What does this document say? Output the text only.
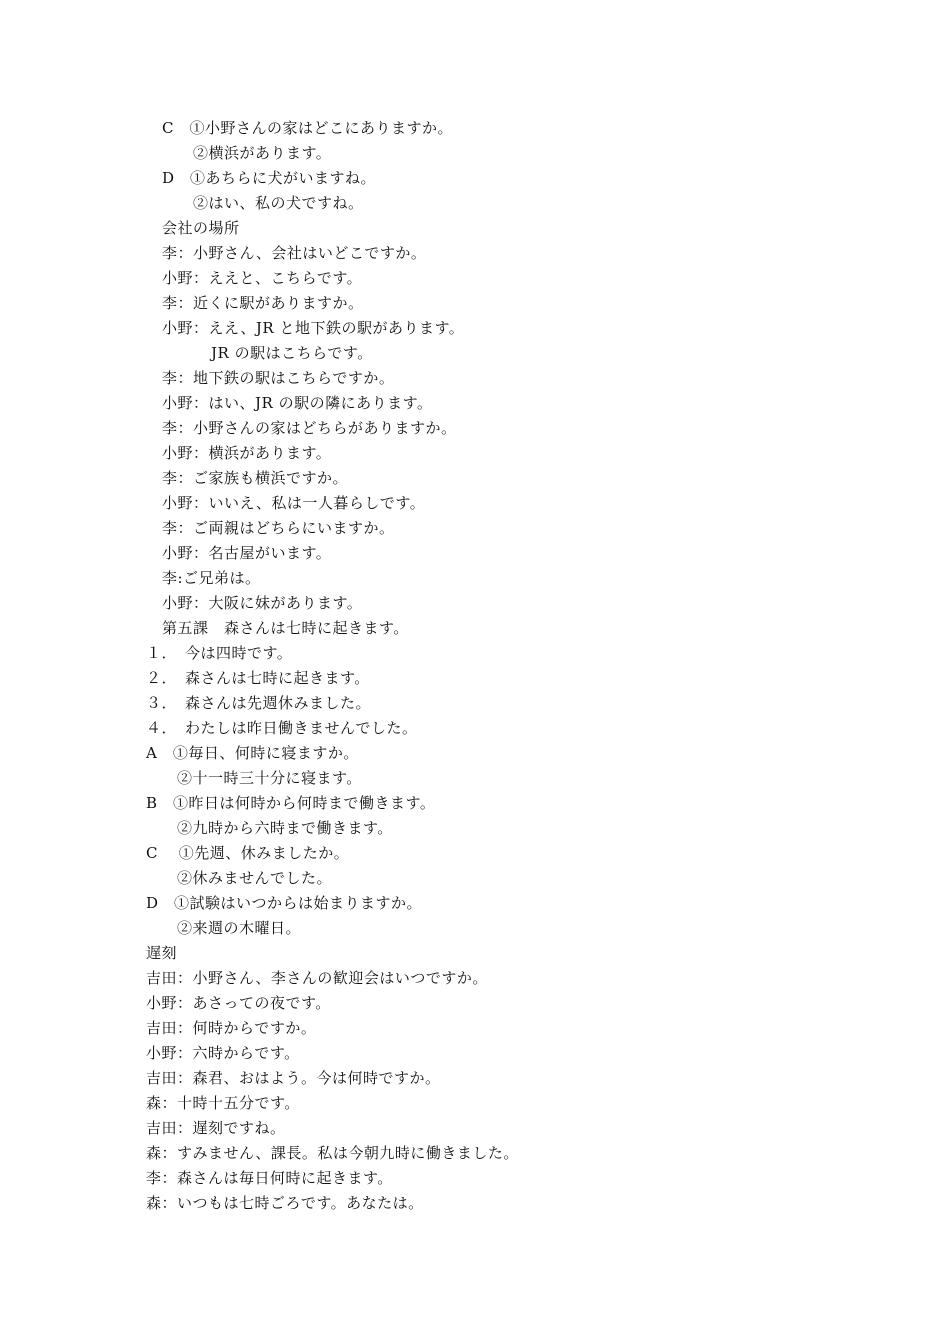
C　①小野さんの家はどこにありますか。
②横浜があります。
D　①あちらに犬がいますね。
②はい、私の犬ですね。
会社の場所
李：小野さん、会社はいどこですか。
小野：ええと、こちらです。
李：近くに駅がありますか。
小野：ええ、JR と地下鉄の駅があります。
JR の駅はこちらです。
李：地下鉄の駅はこちらですか。
小野：はい、JR の駅の隣にあります。
李：小野さんの家はどちらがありますか。
小野：横浜があります。
李：ご家族も横浜ですか。
小野：いいえ、私は一人暮らしです。
李：ご両親はどちらにいますか。
小野：名古屋がいます。
李:ご兄弟は。
小野：大阪に妹があります。
第五課　森さんは七時に起きます。
１．　今は四時です。
２．　森さんは七時に起きます。
３．　森さんは先週休みました。
４．　わたしは昨日働きませんでした。
A　①毎日、何時に寝ますか。
②十一時三十分に寝ます。
B　①昨日は何時から何時まで働きます。
②九時から六時まで働きます。
C　 ①先週、休みましたか。
②休みませんでした。
D　①試験はいつからは始まりますか。
②来週の木曜日。
遅刻
吉田：小野さん、李さんの歓迎会はいつですか。
小野：あさっての夜です。
吉田：何時からですか。
小野：六時からです。
吉田：森君、おはよう。今は何時ですか。
森：十時十五分です。
吉田：遅刻ですね。
森：すみません、課長。私は今朝九時に働きました。
李：森さんは毎日何時に起きます。
森：いつもは七時ごろです。あなたは。
